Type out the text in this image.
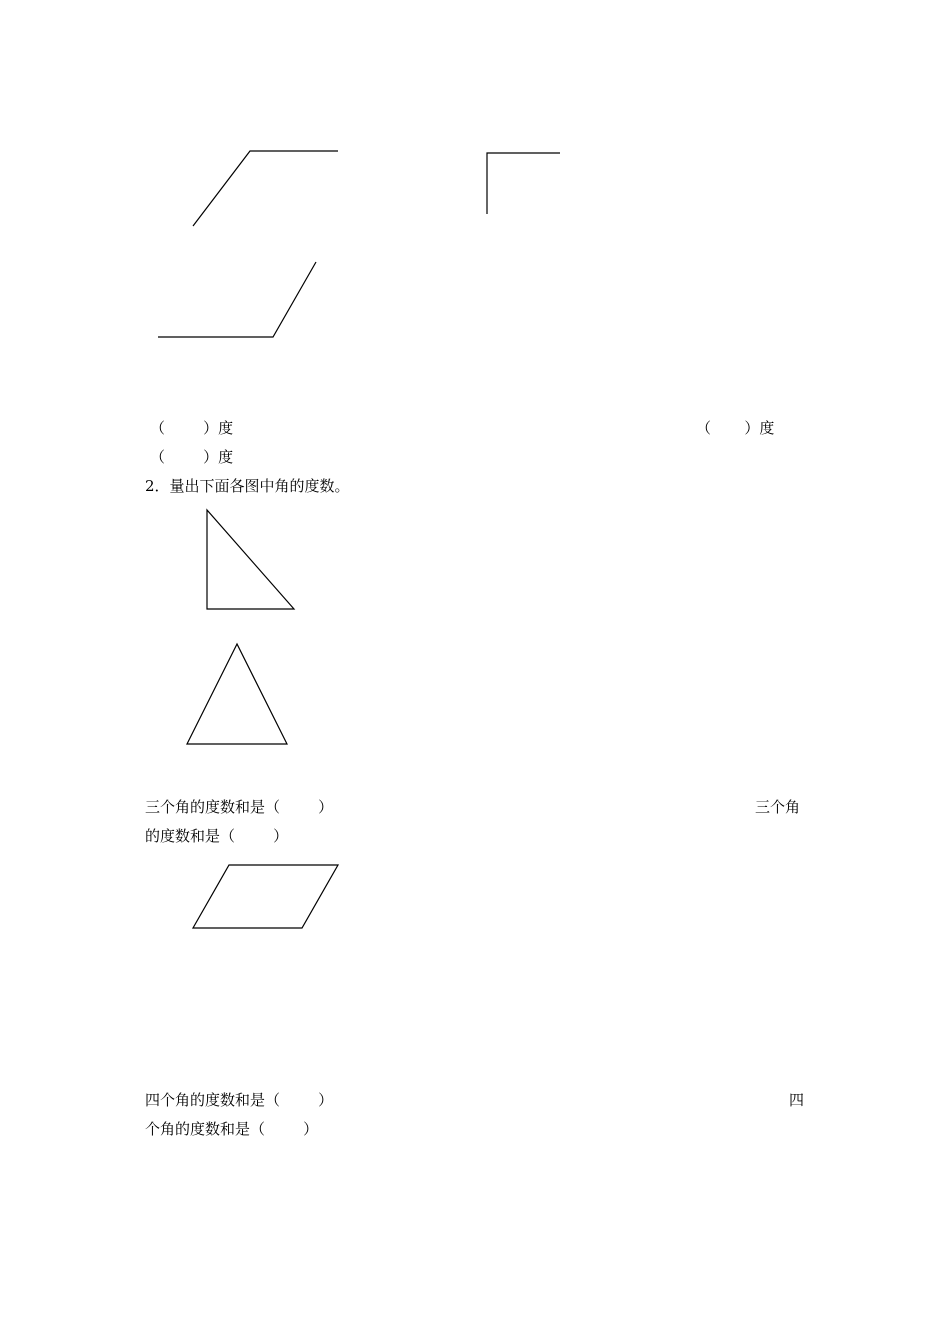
（        ）度	（       ）度
（        ）度
2．量出下面各图中角的度数。
三个角的度数和是（        ）	三个角
的度数和是（        ）
四个角的度数和是（        ）	四
个角的度数和是（        ）
